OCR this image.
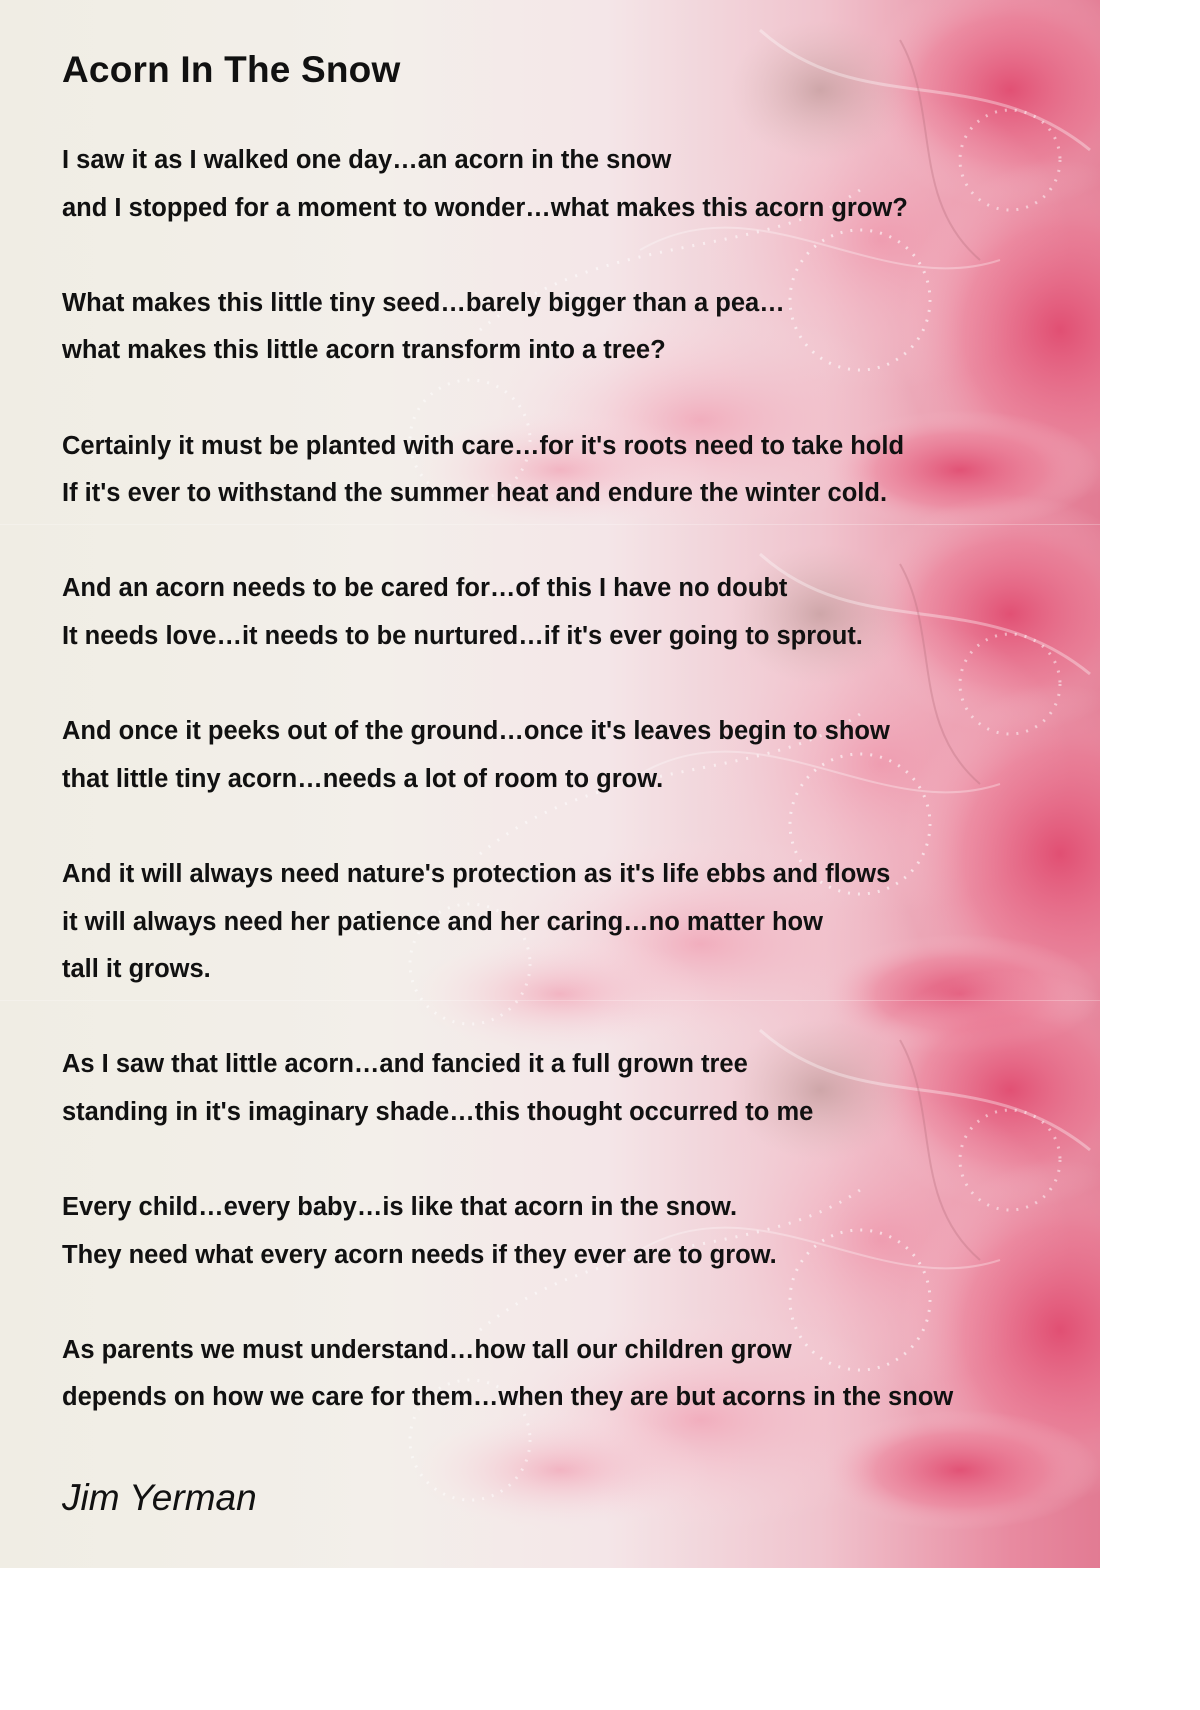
Acorn In The Snow
I saw it as I walked one day…an acorn in the snow
and I stopped for a moment to wonder…what makes this acorn grow?
What makes this little tiny seed…barely bigger than a pea…
what makes this little acorn transform into a tree?
Certainly it must be planted with care…for it's roots need to take hold
If it's ever to withstand the summer heat and endure the winter cold.
And an acorn needs to be cared for…of this I have no doubt
It needs love…it needs to be nurtured…if it's ever going to sprout.
And once it peeks out of the ground…once it's leaves begin to show
that little tiny acorn…needs a lot of room to grow.
And it will always need nature's protection as it's life ebbs and flows
it will always need her patience and her caring…no matter how
tall it grows.
As I saw that little acorn…and fancied it a full grown tree
standing in it's imaginary shade…this thought occurred to me
Every child…every baby…is like that acorn in the snow.
They need what every acorn needs if they ever are to grow.
As parents we must understand…how tall our children grow
depends on how we care for them…when they are but acorns in the snow
Jim Yerman
